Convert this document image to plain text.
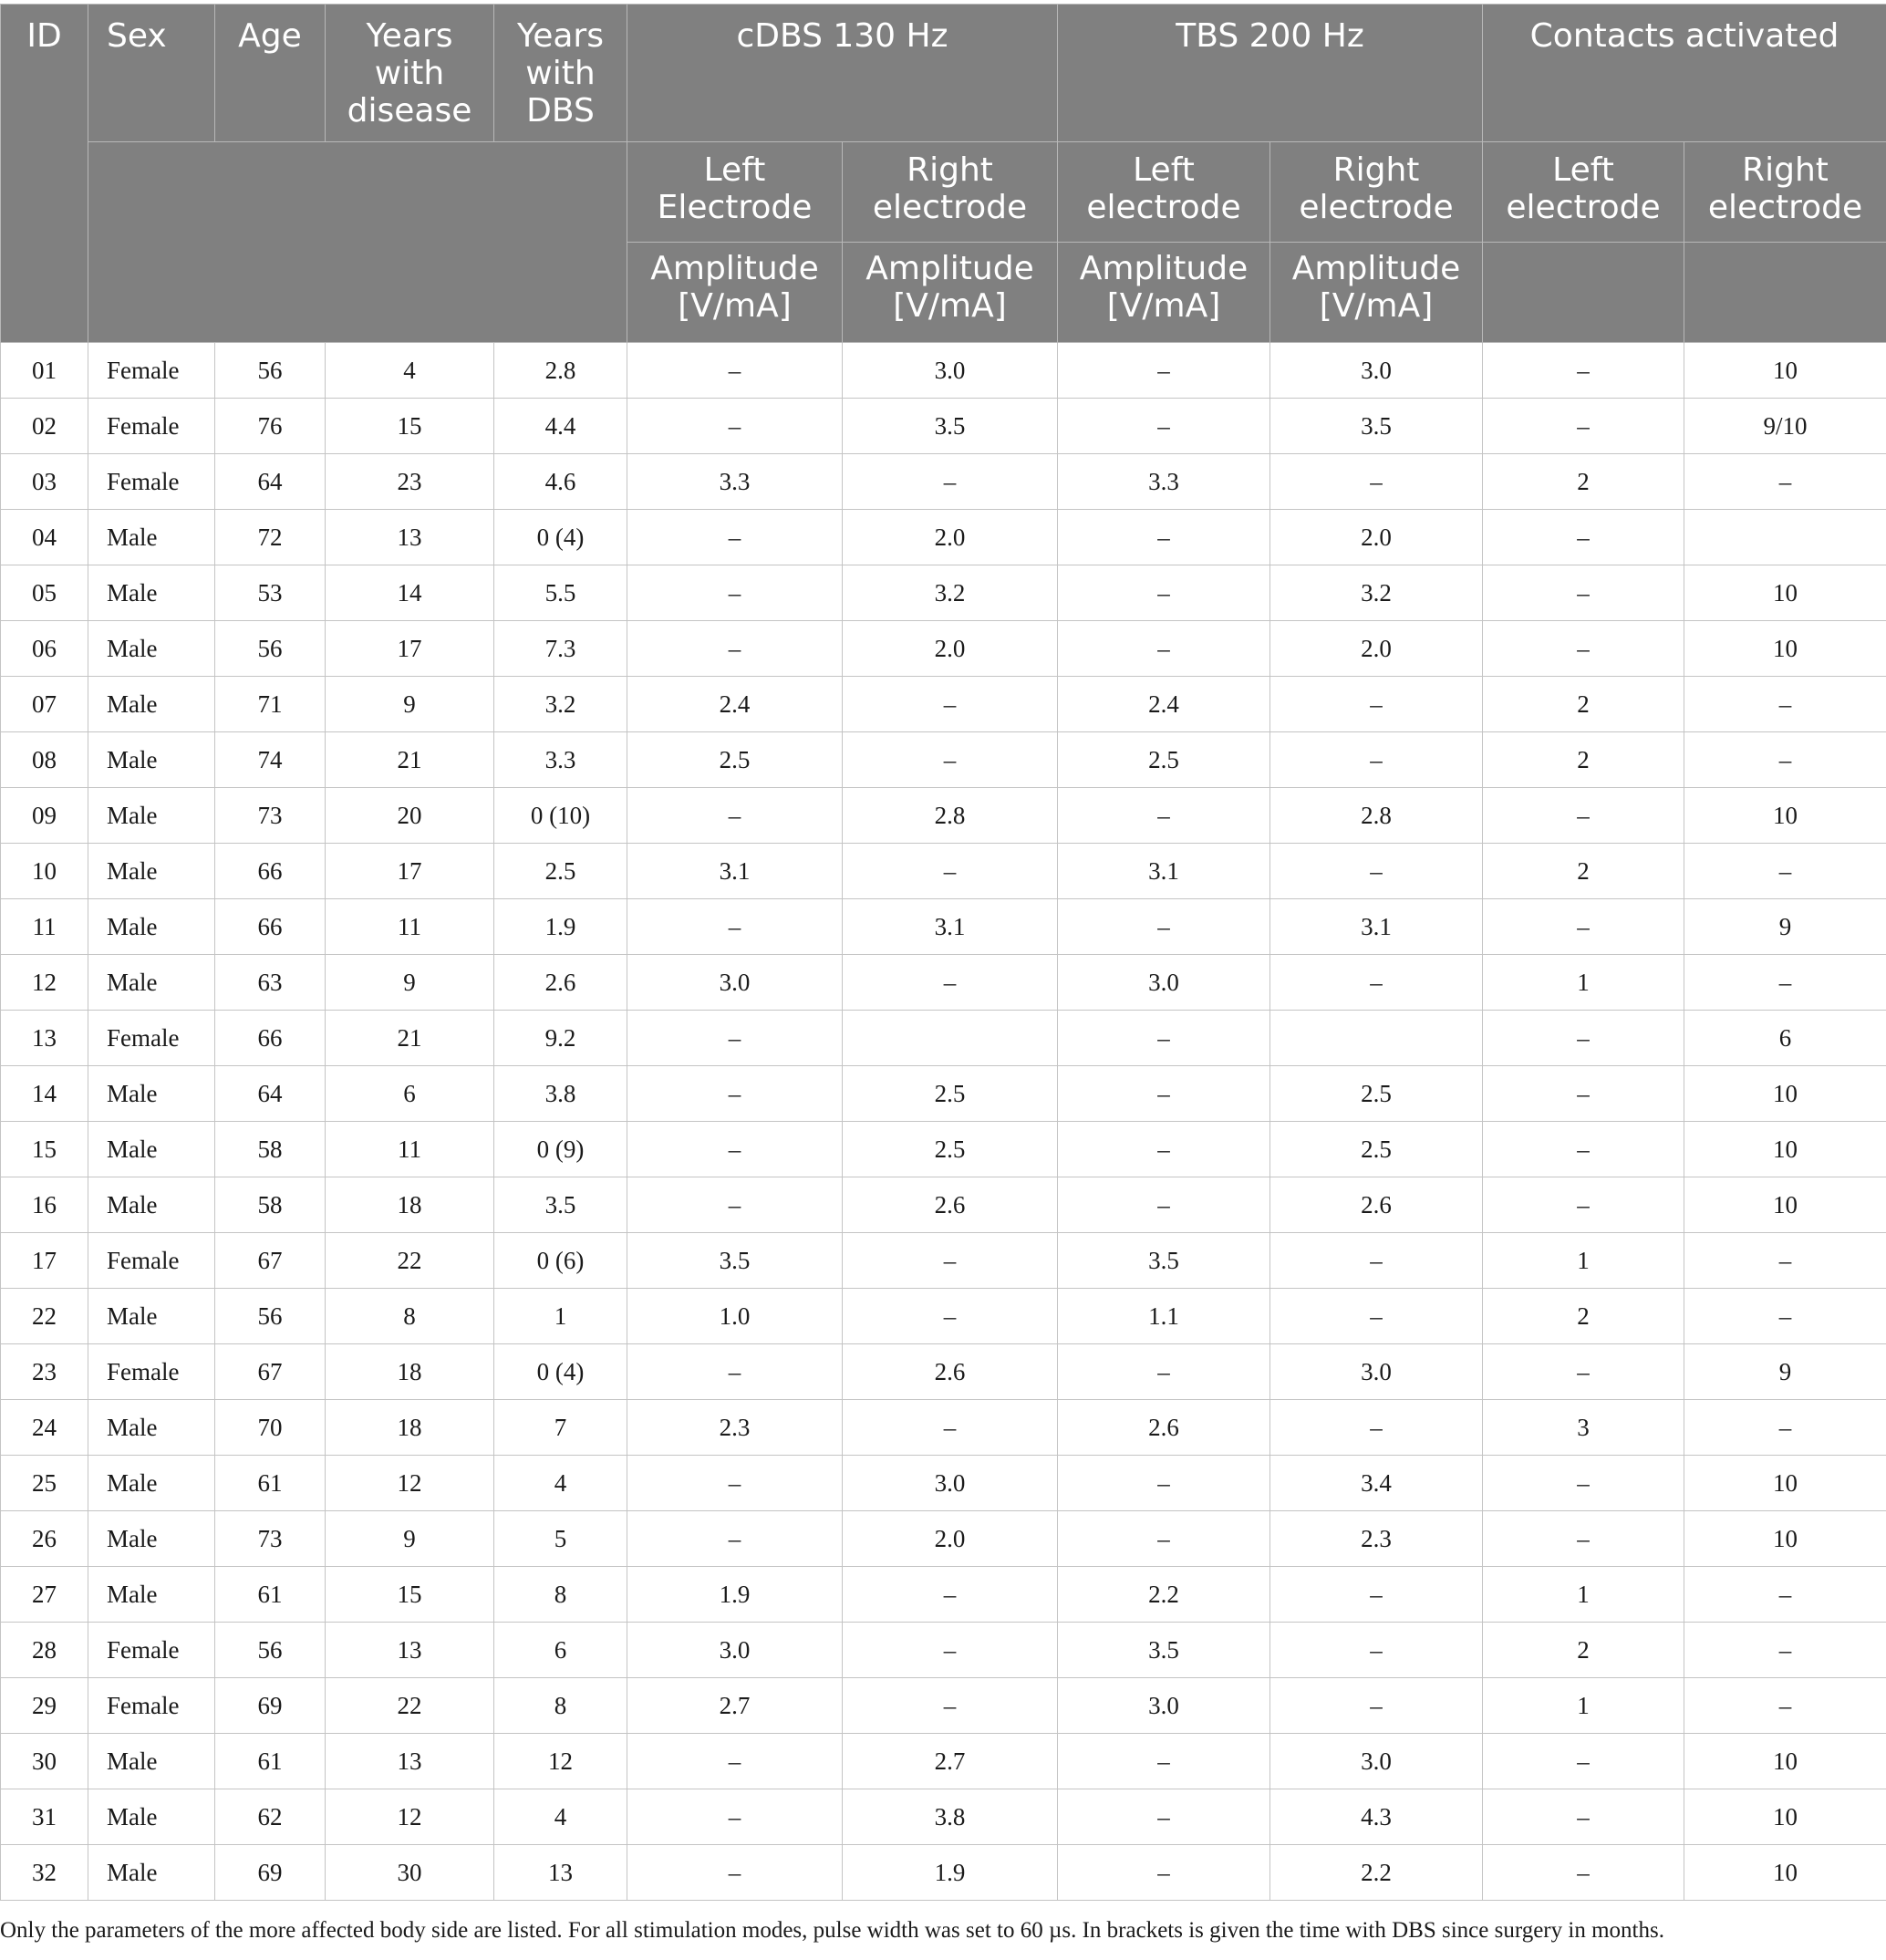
ID	Sex	Age	Years with disease	Years with DBS	cDBS 130 Hz		TBS 200 Hz		Contacts activated	
					Left Electrode	Right electrode	Left electrode	Right electrode	Left electrode	Right electrode
					Amplitude [V/mA]	Amplitude [V/mA]	Amplitude [V/mA]	Amplitude [V/mA]		
01	Female	56	4	2.8	–	3.0	–	3.0	–	10
02	Female	76	15	4.4	–	3.5	–	3.5	–	9/10
03	Female	64	23	4.6	3.3	–	3.3	–	2	–
04	Male	72	13	0 (4)	–	2.0	–	2.0	–	
05	Male	53	14	5.5	–	3.2	–	3.2	–	10
06	Male	56	17	7.3	–	2.0	–	2.0	–	10
07	Male	71	9	3.2	2.4	–	2.4	–	2	–
08	Male	74	21	3.3	2.5	–	2.5	–	2	–
09	Male	73	20	0 (10)	–	2.8	–	2.8	–	10
10	Male	66	17	2.5	3.1	–	3.1	–	2	–
11	Male	66	11	1.9	–	3.1	–	3.1	–	9
12	Male	63	9	2.6	3.0	–	3.0	–	1	–
13	Female	66	21	9.2	–		–		–	6
14	Male	64	6	3.8	–	2.5	–	2.5	–	10
15	Male	58	11	0 (9)	–	2.5	–	2.5	–	10
16	Male	58	18	3.5	–	2.6	–	2.6	–	10
17	Female	67	22	0 (6)	3.5	–	3.5	–	1	–
22	Male	56	8	1	1.0	–	1.1	–	2	–
23	Female	67	18	0 (4)	–	2.6	–	3.0	–	9
24	Male	70	18	7	2.3	–	2.6	–	3	–
25	Male	61	12	4	–	3.0	–	3.4	–	10
26	Male	73	9	5	–	2.0	–	2.3	–	10
27	Male	61	15	8	1.9	–	2.2	–	1	–
28	Female	56	13	6	3.0	–	3.5	–	2	–
29	Female	69	22	8	2.7	–	3.0	–	1	–
30	Male	61	13	12	–	2.7	–	3.0	–	10
31	Male	62	12	4	–	3.8	–	4.3	–	10
32	Male	69	30	13	–	1.9	–	2.2	–	10
Only the parameters of the more affected body side are listed. For all stimulation modes, pulse width was set to 60 µs. In brackets is given the time with DBS since surgery in months.
